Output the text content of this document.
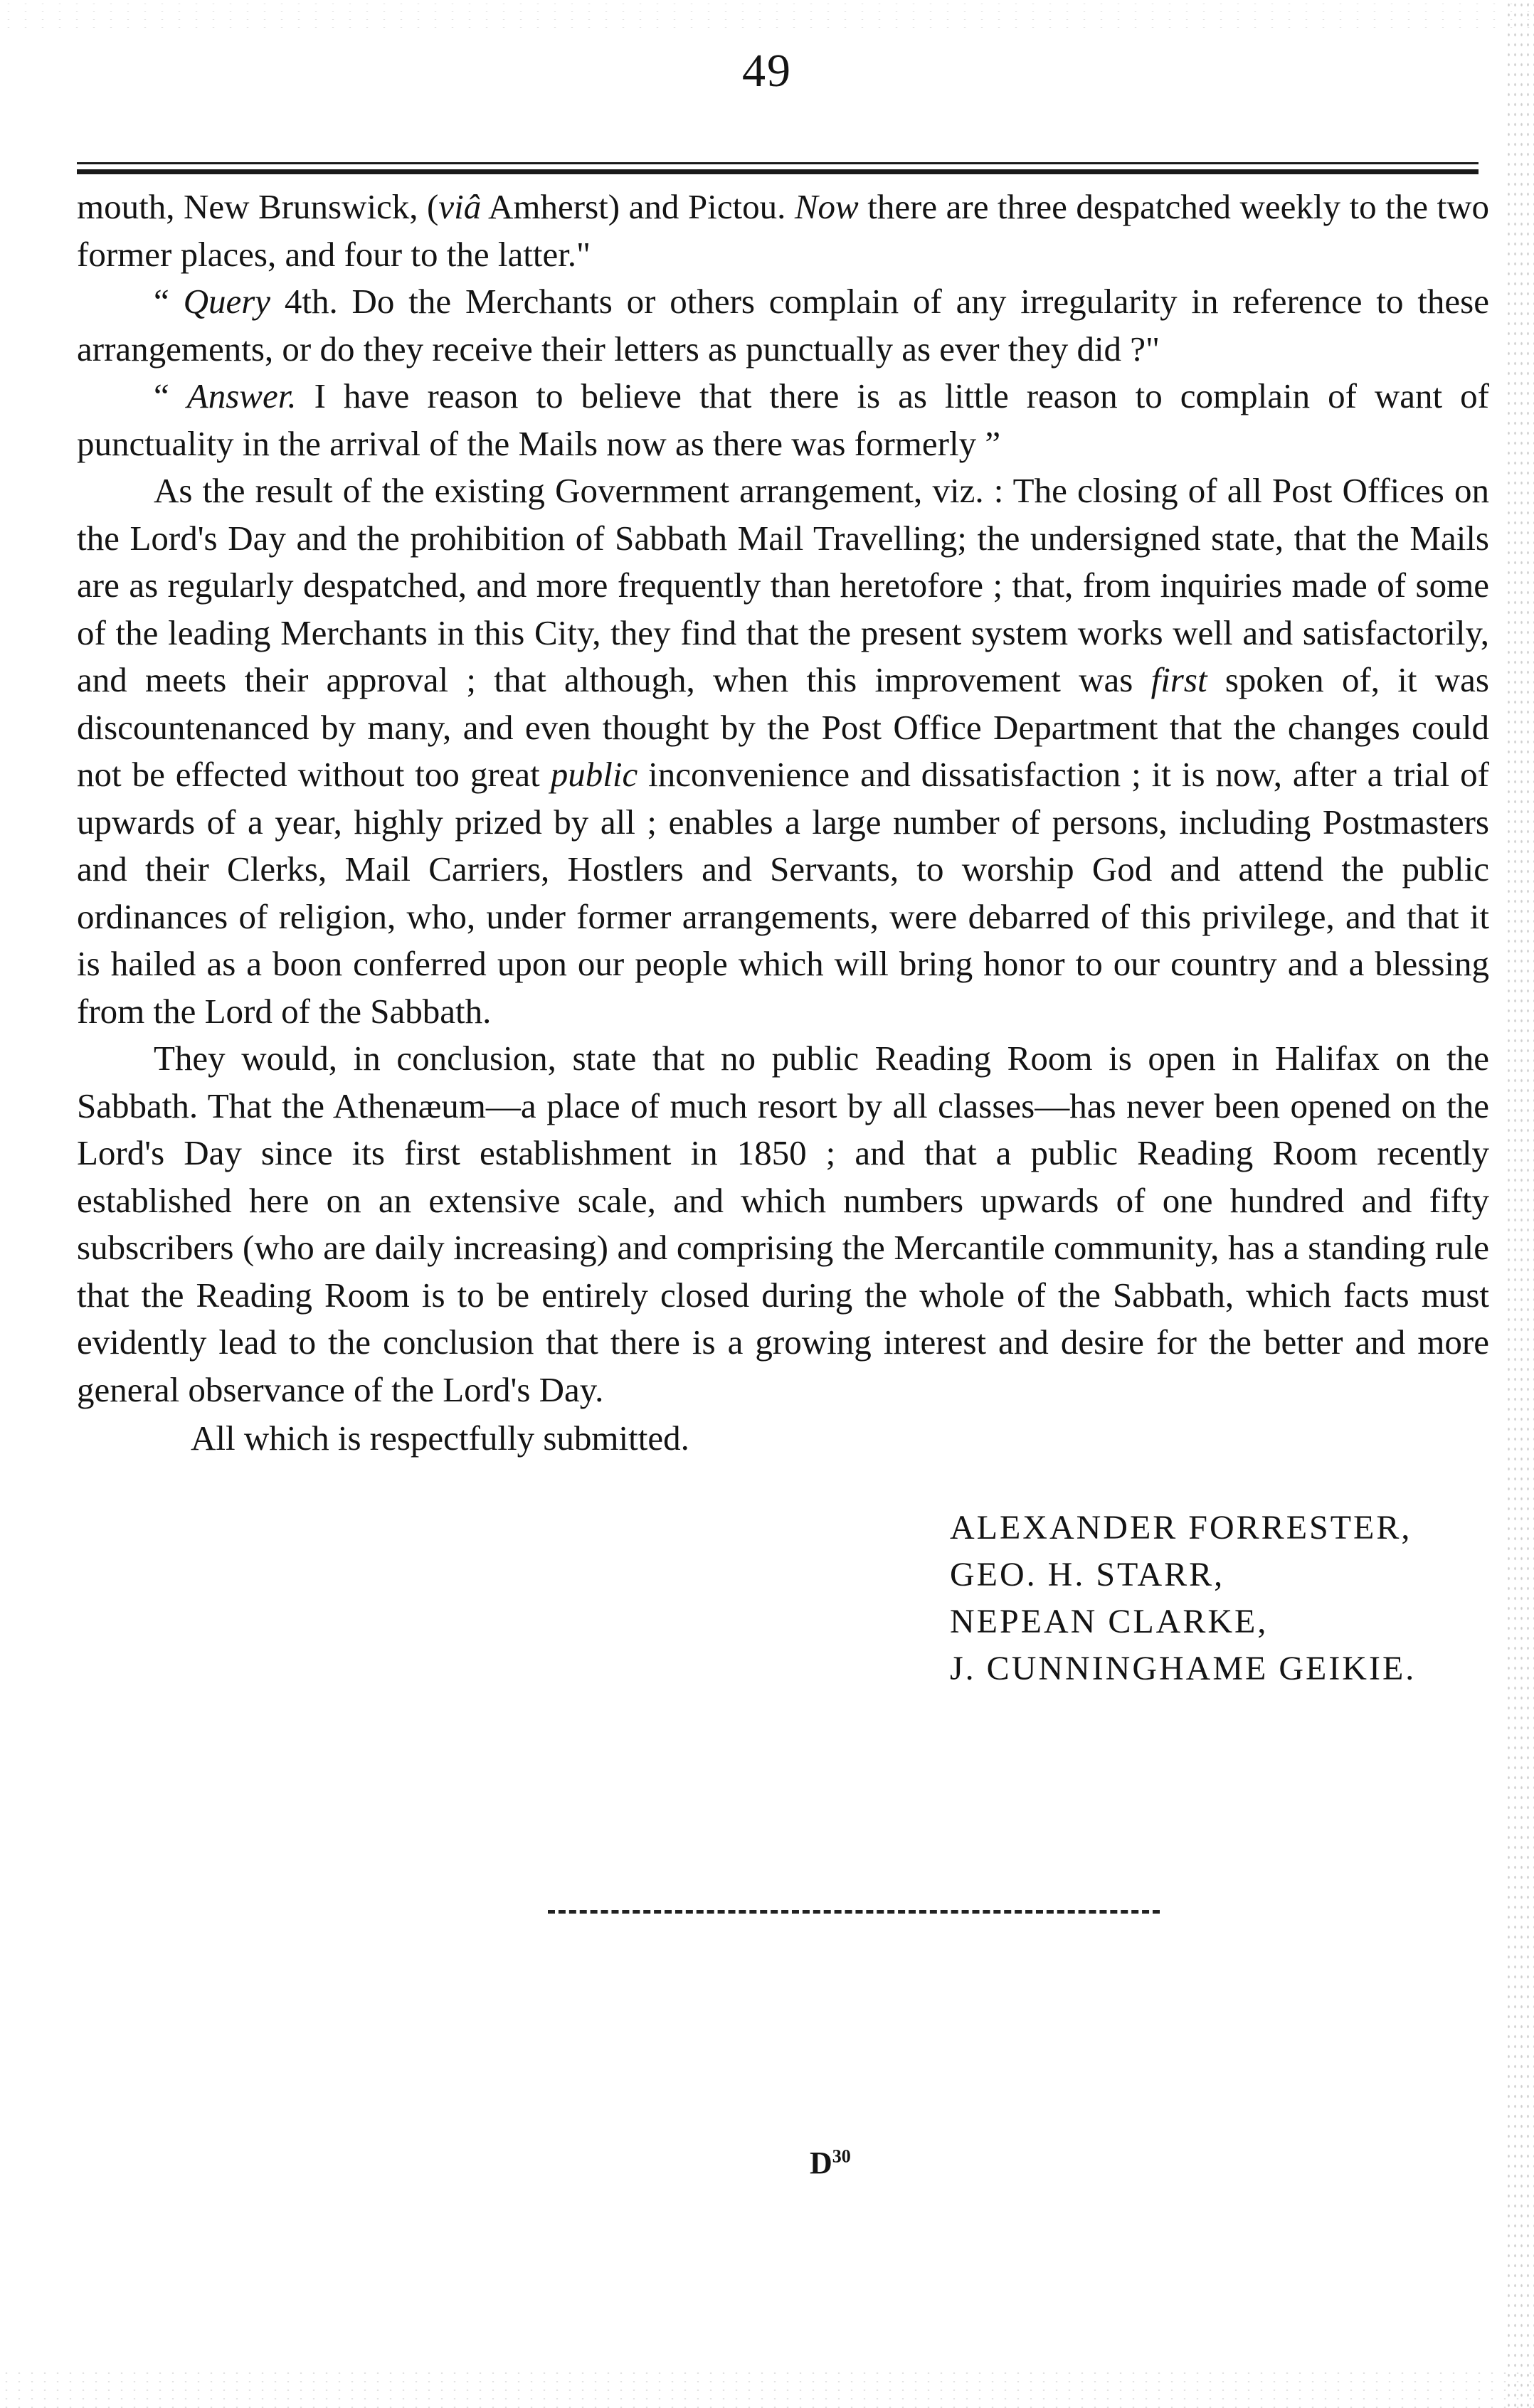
49

mouth, New Brunswick, (viâ Amherst) and Pictou. Now there are three despatched weekly to the two former places, and four to the latter."

“ Query 4th. Do the Merchants or others complain of any irregularity in reference to these arrangements, or do they receive their letters as punctually as ever they did ?"

“ Answer. I have reason to believe that there is as little reason to complain of want of punctuality in the arrival of the Mails now as there was formerly ”

As the result of the existing Government arrangement, viz. : The closing of all Post Offices on the Lord's Day and the prohibition of Sabbath Mail Travelling; the undersigned state, that the Mails are as regularly despatched, and more frequently than heretofore ; that, from inquiries made of some of the leading Merchants in this City, they find that the present system works well and satisfactorily, and meets their approval ; that although, when this improvement was first spoken of, it was discountenanced by many, and even thought by the Post Office Department that the changes could not be effected without too great public inconvenience and dissatisfaction ; it is now, after a trial of upwards of a year, highly prized by all ; enables a large number of persons, including Postmasters and their Clerks, Mail Carriers, Hostlers and Servants, to worship God and attend the public ordinances of religion, who, under former arrangements, were debarred of this privilege, and that it is hailed as a boon conferred upon our people which will bring honor to our country and a blessing from the Lord of the Sabbath.

They would, in conclusion, state that no public Reading Room is open in Halifax on the Sabbath. That the Athenæum—a place of much resort by all classes—has never been opened on the Lord's Day since its first establishment in 1850 ; and that a public Reading Room recently established here on an extensive scale, and which numbers upwards of one hundred and fifty subscribers (who are daily increasing) and comprising the Mercantile community, has a standing rule that the Reading Room is to be entirely closed during the whole of the Sabbath, which facts must evidently lead to the conclusion that there is a growing interest and desire for the better and more general observance of the Lord's Day.

All which is respectfully submitted.

ALEXANDER FORRESTER,
GEO. H. STARR,
NEPEAN CLARKE,
J. CUNNINGHAME GEIKIE.
$D^{30}$
